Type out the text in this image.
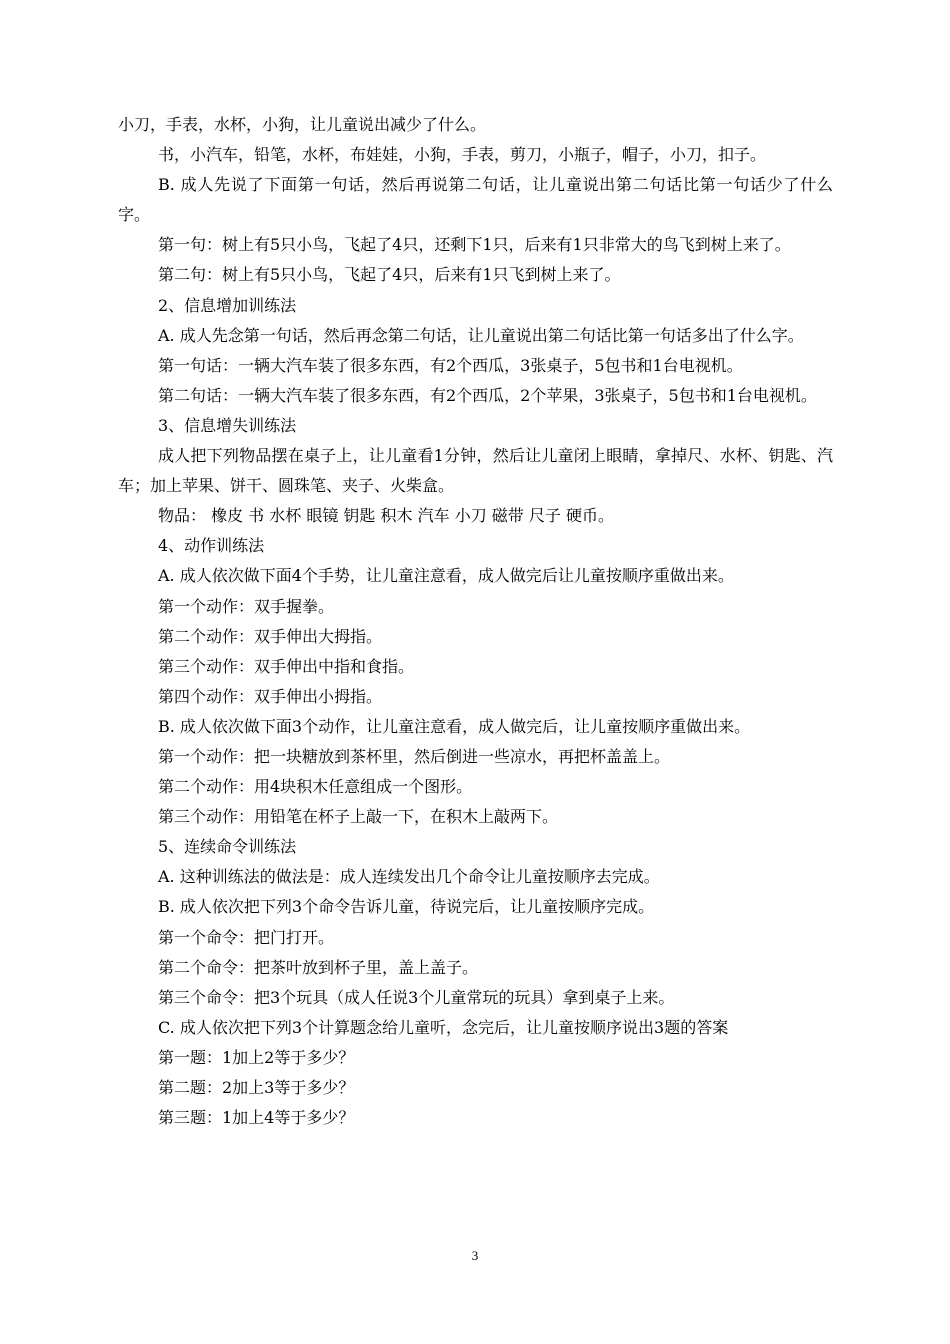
小刀，手表，水杯，小狗，让儿童说出减少了什么。

书，小汽车，铅笔，水杯，布娃娃，小狗，手表，剪刀，小瓶子，帽子，小刀，扣子。

B. 成人先说了下面第一句话，然后再说第二句话，让儿童说出第二句话比第一句话少了什么字。

第一句：树上有5只小鸟，飞起了4只，还剩下1只，后来有1只非常大的鸟飞到树上来了。

第二句：树上有5只小鸟，飞起了4只，后来有1只飞到树上来了。

2、信息增加训练法

A. 成人先念第一句话，然后再念第二句话，让儿童说出第二句话比第一句话多出了什么字。

第一句话：一辆大汽车装了很多东西，有2个西瓜，3张桌子，5包书和1台电视机。

第二句话：一辆大汽车装了很多东西，有2个西瓜，2个苹果，3张桌子，5包书和1台电视机。

3、信息增失训练法

成人把下列物品摆在桌子上，让儿童看1分钟，然后让儿童闭上眼睛，拿掉尺、水杯、钥匙、汽车；加上苹果、饼干、圆珠笔、夹子、火柴盒。

物品： 橡皮 书 水杯 眼镜 钥匙 积木 汽车 小刀 磁带 尺子 硬币。

4、动作训练法

A. 成人依次做下面4个手势，让儿童注意看，成人做完后让儿童按顺序重做出来。

第一个动作：双手握拳。

第二个动作：双手伸出大拇指。

第三个动作：双手伸出中指和食指。

第四个动作：双手伸出小拇指。

B. 成人依次做下面3个动作，让儿童注意看，成人做完后，让儿童按顺序重做出来。

第一个动作：把一块糖放到茶杯里，然后倒进一些凉水，再把杯盖盖上。

第二个动作：用4块积木任意组成一个图形。

第三个动作：用铅笔在杯子上敲一下，在积木上敲两下。

5、连续命令训练法

A. 这种训练法的做法是：成人连续发出几个命令让儿童按顺序去完成。

B. 成人依次把下列3个命令告诉儿童，待说完后，让儿童按顺序完成。

第一个命令：把门打开。

第二个命令：把茶叶放到杯子里，盖上盖子。

第三个命令：把3个玩具（成人任说3个儿童常玩的玩具）拿到桌子上来。

C. 成人依次把下列3个计算题念给儿童听，念完后，让儿童按顺序说出3题的答案

第一题：1加上2等于多少？

第二题：2加上3等于多少？

第三题：1加上4等于多少？

3
